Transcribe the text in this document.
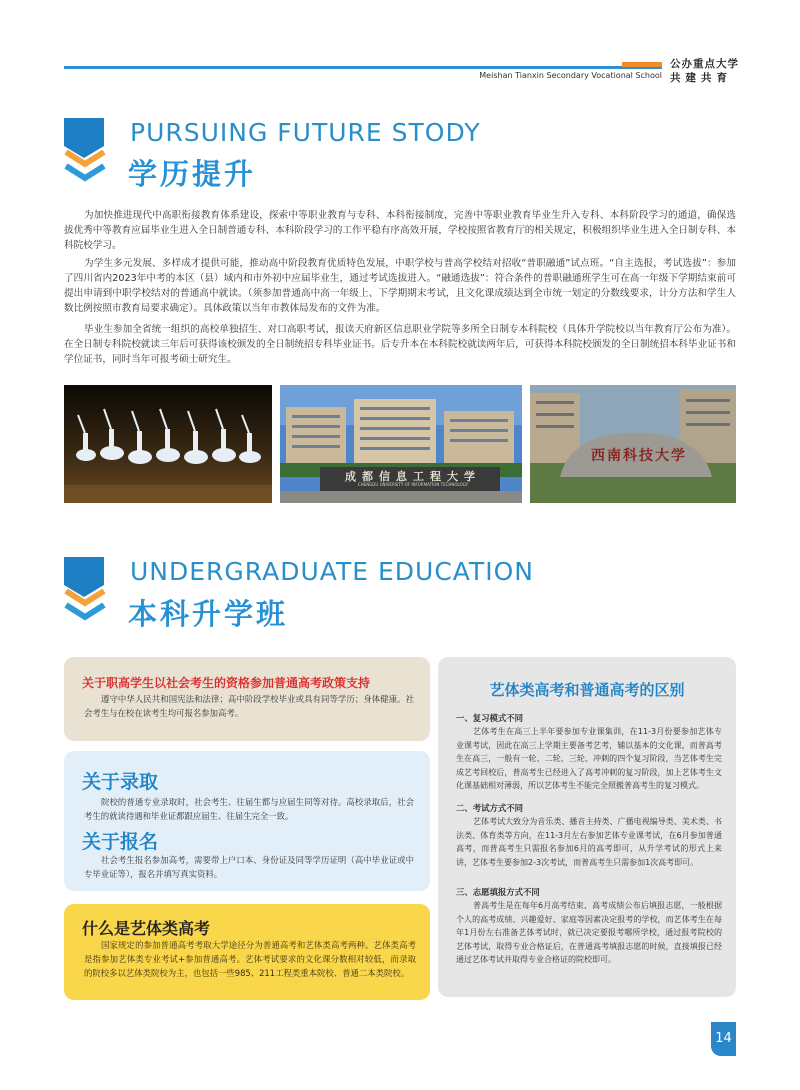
Meishan Tianxin Secondary Vocational School
公办重点大学
共建共育
PURSUING FUTURE STODY
学历提升
为加快推进现代中高职衔接教育体系建设，探索中等职业教育与专科、本科衔接制度，完善中等职业教育毕业生升入专科、本科阶段学习的通道，确保选拔优秀中等教育应届毕业生进入全日制普通专科、本科阶段学习的工作平稳有序高效开展，学校按照省教育厅的相关规定，积极组织毕业生进入全日制专科、本科院校学习。
为学生多元发展、多样成才提供可能，推动高中阶段教育优质特色发展，中职学校与普高学校结对招收“普职融通”试点班。“自主选报，考试选拔”：参加了四川省内2023年中考的本区（县）域内和市外初中应届毕业生，通过考试选拔进入。“融通选拔”：符合条件的普职融通班学生可在高一年级下学期结束前可提出申请到中职学校结对的普通高中就读。（须参加普通高中高一年级上、下学期期末考试，且文化课成绩达到全市统一划定的分数线要求，计分方法和学生人数比例按照市教育局要求确定）。具体政策以当年市教体局发布的文件为准。
毕业生参加全省统一组织的高校单独招生、对口高职考试，报读天府新区信息职业学院等多所全日制专本科院校（具体升学院校以当年教育厅公布为准）。在全日制专科院校就读三年后可获得该校颁发的全日制统招专科毕业证书。后专升本在本科院校就读两年后，可获得本科院校颁发的全日制统招本科毕业证书和学位证书，同时当年可报考硕士研究生。
成都信息工程大学
CHENGDU UNIVERSITY OF INFORMATION TECHNOLOGY
西南科技大学
UNDERGRADUATE EDUCATION
本科升学班
关于职高学生以社会考生的资格参加普通高考政策支持
遵守中华人民共和国宪法和法律；高中阶段学校毕业或具有同等学历；身体健康。社会考生与在校在读考生均可报名参加高考。
关于录取
院校的普通专业录取时，社会考生、往届生都与应届生同等对待。高校录取后，社会考生的就读待遇和毕业证都跟应届生、往届生完全一致。
关于报名
社会考生报名参加高考，需要带上户口本、身份证及同等学历证明（高中毕业证或中专毕业证等），报名并填写真实资料。
什么是艺体类高考
国家规定的参加普通高考考取大学途径分为普通高考和艺体类高考两种。艺体类高考是指参加艺体类专业考试+参加普通高考。艺体考试要求的文化课分数相对较低，而录取的院校多以艺体类院校为主，也包括一些985、211工程类重本院校、普通二本类院校。
艺体类高考和普通高考的区别
一、复习模式不同
艺体考生在高三上半年要参加专业课集训，在11-3月份要参加艺体专业课考试，因此在高三上学期主要备考艺考，辅以基本的文化课，而普高考生在高三，一般有一轮、二轮、三轮、冲刺的四个复习阶段，当艺体考生完成艺考回校后，普高考生已经进入了高考冲刺的复习阶段，加上艺体考生文化课基础相对薄弱，所以艺体考生不能完全照搬普高考生的复习模式。
二、考试方式不同
艺体考试大致分为音乐类、播音主持类、广播电视编导类、美术类、书法类、体育类等方向，在11-3月左右参加艺体专业课考试，在6月参加普通高考，而普高考生只需报名参加6月的高考即可，从升学考试的形式上来讲，艺体考生要参加2-3次考试，而普高考生只需参加1次高考即可。
三、志愿填报方式不同
普高考生是在每年6月高考结束、高考成绩公布后填报志愿，一般根据个人的高考成绩、兴趣爱好、家庭等因素决定报考的学校，而艺体考生在每年1月份左右准备艺体考试时，就已决定要报考哪所学校，通过报考院校的艺体考试，取得专业合格证后，在普通高考填报志愿的时候，直接填报已经通过艺体考试并取得专业合格证的院校即可。
14
